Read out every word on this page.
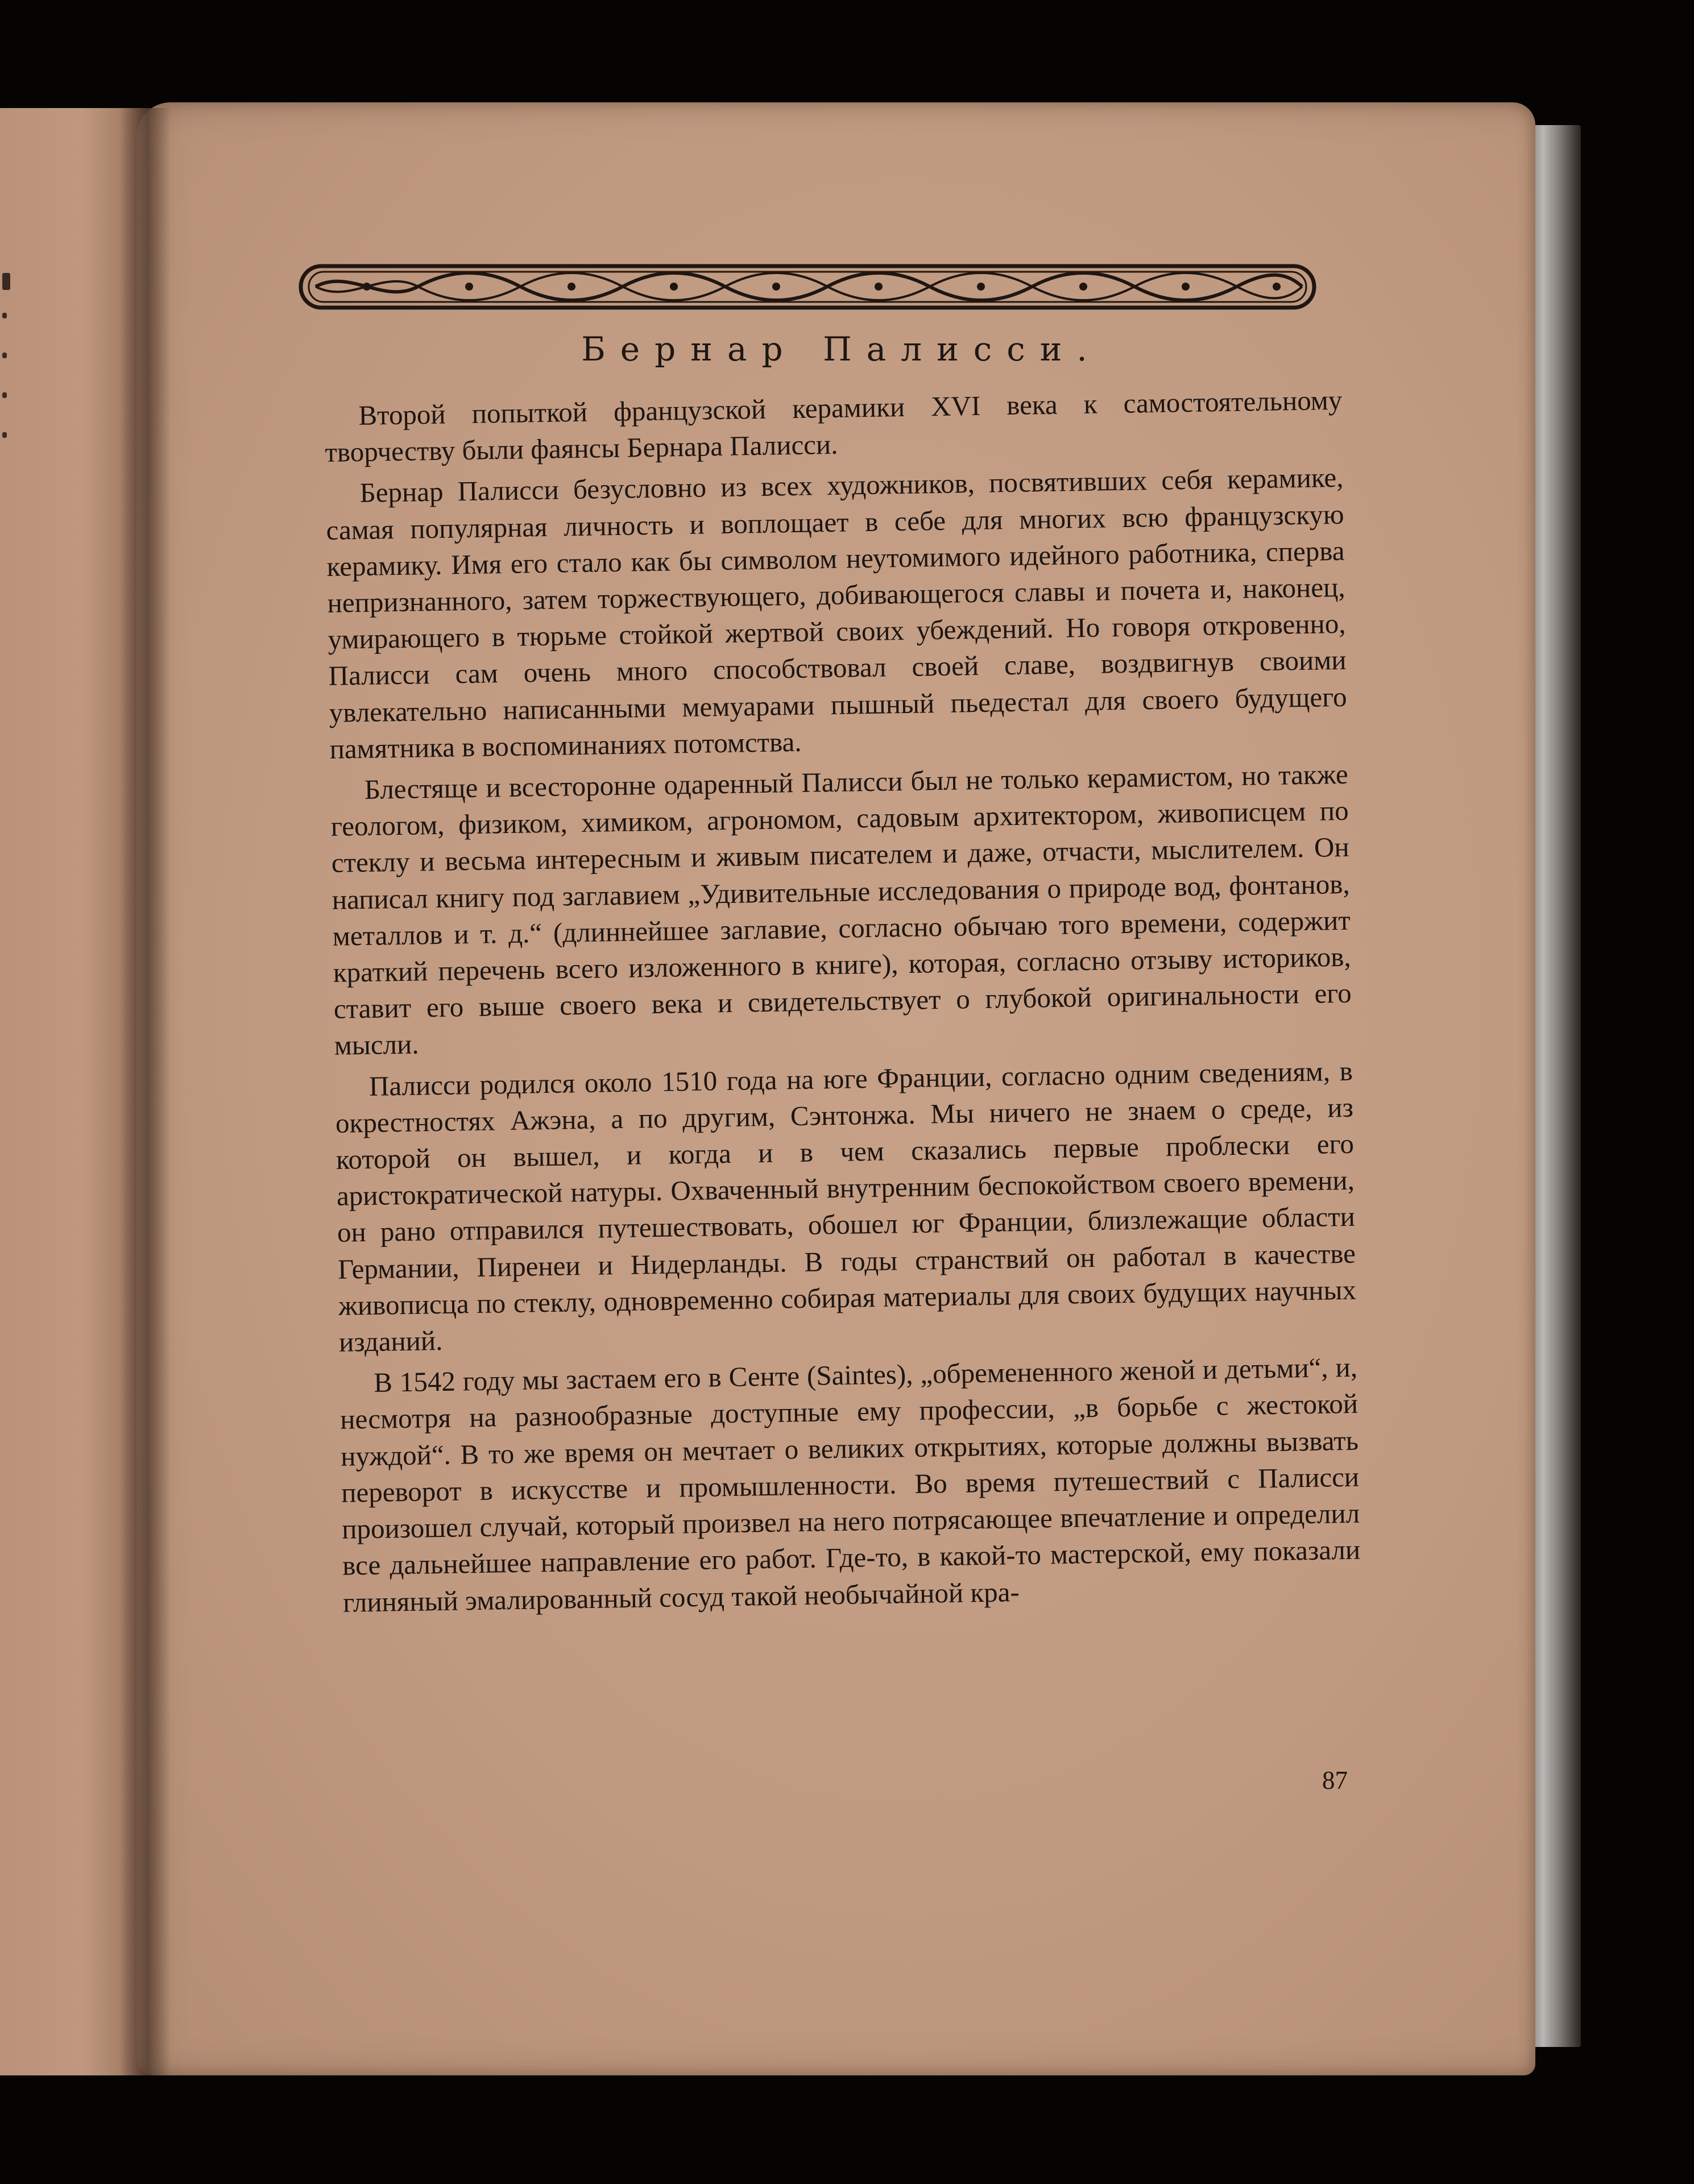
Бернар Палисси.

Второй попыткой французской керамики XVI века к самостоятельному творчеству были фаянсы Бернара Палисси.

Бернар Палисси безусловно из всех художников, посвятивших себя керамике, самая популярная личность и воплощает в себе для многих всю французскую керамику. Имя его стало как бы символом неутомимого идейного работника, сперва непризнанного, затем торжествующего, добивающегося славы и почета и, наконец, умирающего в тюрьме стойкой жертвой своих убеждений. Но говоря откровенно, Палисси сам очень много способствовал своей славе, воздвигнув своими увлекательно написанными мемуарами пышный пьедестал для своего будущего памятника в воспоминаниях потомства.

Блестяще и всесторонне одаренный Палисси был не только керамистом, но также геологом, физиком, химиком, агрономом, садовым архитектором, живописцем по стеклу и весьма интересным и живым писателем и даже, отчасти, мыслителем. Он написал книгу под заглавием „Удивительные исследования о природе вод, фонтанов, металлов и т. д.“ (длиннейшее заглавие, согласно обычаю того времени, содержит краткий перечень всего изложенного в книге), которая, согласно отзыву историков, ставит его выше своего века и свидетельствует о глубокой оригинальности его мысли.

Палисси родился около 1510 года на юге Франции, согласно одним сведениям, в окрестностях Ажэна, а по другим, Сэнтонжа. Мы ничего не знаем о среде, из которой он вышел, и когда и в чем сказались первые проблески его аристократической натуры. Охваченный внутренним беспокойством своего времени, он рано отправился путешествовать, обошел юг Франции, близлежащие области Германии, Пиренеи и Нидерланды. В годы странствий он работал в качестве живописца по стеклу, одновременно собирая материалы для своих будущих научных изданий.

В 1542 году мы застаем его в Сенте (Saintes), „обремененного женой и детьми“, и, несмотря на разнообразные доступные ему профессии, „в борьбе с жестокой нуждой“. В то же время он мечтает о великих открытиях, которые должны вызвать переворот в искусстве и промышленности. Во время путешествий с Палисси произошел случай, который произвел на него потрясающее впечатление и определил все дальнейшее направление его работ. Где-то, в какой-то мастерской, ему показали глиняный эмалированный сосуд такой необычайной кра-

87
